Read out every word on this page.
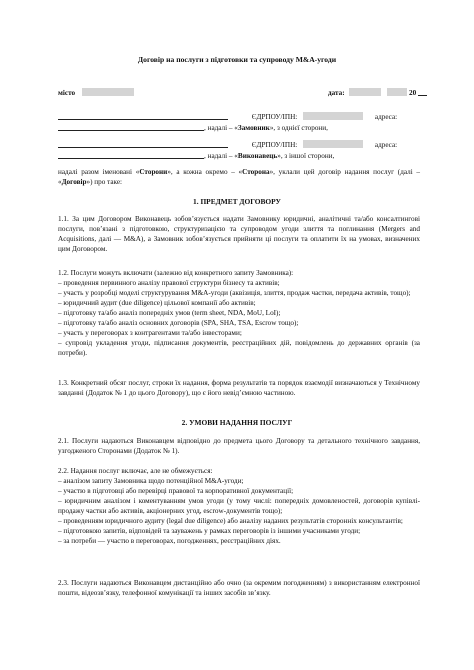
Договір на послуги з підготовки та супроводу M&A-угоди
місто	дата:	20
ЄДРПОУ/ІПН:	адреса:
, надалі – «Замовник», з однієї сторони,
ЄДРПОУ/ІПН:	адреса:
, надалі – «Виконавець», з іншої сторони,

надалі разом іменовані «Сторони», а кожна окремо – «Сторона», уклали цей договір надання послуг (далі – «Договір») про таке:

1. ПРЕДМЕТ ДОГОВОРУ

1.1. За цим Договором Виконавець зобов’язується надати Замовнику юридичні, аналітичні та/або консалтингові послуги, пов’язані з підготовкою, структуризацією та супроводом угоди злиття та поглинання (Mergers and Acquisitions, далі — M&A), а Замовник зобов’язується прийняти ці послуги та оплатити їх на умовах, визначених цим Договором.

1.2. Послуги можуть включати (залежно від конкретного запиту Замовника):

– проведення первинного аналізу правової структури бізнесу та активів;

– участь у розробці моделі структурування M&A-угоди (аквізиція, злиття, продаж частки, передача активів, тощо);

– юридичний аудит (due diligence) цільової компанії або активів;

– підготовку та/або аналіз попередніх умов (term sheet, NDA, MoU, LoI);

– підготовку та/або аналіз основних договорів (SPA, SHA, TSA, Escrow тощо);

– участь у переговорах з контрагентами та/або інвесторами;

– супровід укладення угоди, підписання документів, реєстраційних дій, повідомлень до державних органів (за потреби).

1.3. Конкретний обсяг послуг, строки їх надання, форма результатів та порядок взаємодії визначаються у Технічному завданні (Додаток № 1 до цього Договору), що є його невід’ємною частиною.

2. УМОВИ НАДАННЯ ПОСЛУГ

2.1. Послуги надаються Виконавцем відповідно до предмета цього Договору та детального технічного завдання, узгодженого Сторонами (Додаток № 1).

2.2. Надання послуг включає, але не обмежується:

– аналізом запиту Замовника щодо потенційної M&A-угоди;

– участю в підготовці або перевірці правової та корпоративної документації;

– юридичним аналізом і коментуванням умов угоди (у тому числі: попередніх домовленостей, договорів купівлі-продажу частки або активів, акціонерних угод, escrow-документів тощо);

– проведенням юридичного аудиту (legal due diligence) або аналізу наданих результатів сторонніх консультантів;

– підготовкою запитів, відповідей та зауважень у рамках переговорів із іншими учасниками угоди;

– за потреби — участю в переговорах, погодженнях, реєстраційних діях.

2.3. Послуги надаються Виконавцем дистанційно або очно (за окремим погодженням) з використанням електронної пошти, відеозв’язку, телефонної комунікації та інших засобів зв’язку.
